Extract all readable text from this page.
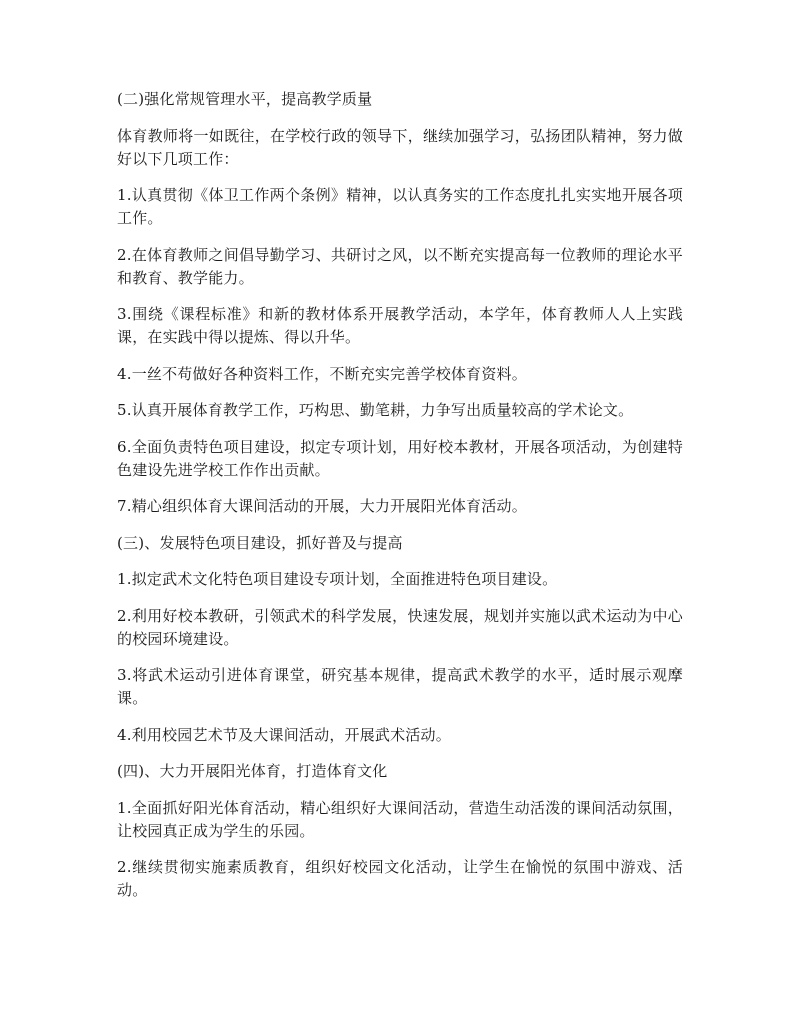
(二)强化常规管理水平，提高教学质量

体育教师将一如既往，在学校行政的领导下，继续加强学习，弘扬团队精神，努力做好以下几项工作：

1.认真贯彻《体卫工作两个条例》精神，以认真务实的工作态度扎扎实实地开展各项工作。

2.在体育教师之间倡导勤学习、共研讨之风，以不断充实提高每一位教师的理论水平和教育、教学能力。

3.围绕《课程标准》和新的教材体系开展教学活动，本学年，体育教师人人上实践课，在实践中得以提炼、得以升华。

4.一丝不苟做好各种资料工作，不断充实完善学校体育资料。

5.认真开展体育教学工作，巧构思、勤笔耕，力争写出质量较高的学术论文。

6.全面负责特色项目建设，拟定专项计划，用好校本教材，开展各项活动，为创建特色建设先进学校工作作出贡献。

7.精心组织体育大课间活动的开展，大力开展阳光体育活动。

(三)、发展特色项目建设，抓好普及与提高

1.拟定武术文化特色项目建设专项计划，全面推进特色项目建设。

2.利用好校本教研，引领武术的科学发展，快速发展，规划并实施以武术运动为中心的校园环境建设。

3.将武术运动引进体育课堂，研究基本规律，提高武术教学的水平，适时展示观摩课。

4.利用校园艺术节及大课间活动，开展武术活动。

(四)、大力开展阳光体育，打造体育文化

1.全面抓好阳光体育活动，精心组织好大课间活动，营造生动活泼的课间活动氛围，让校园真正成为学生的乐园。

2.继续贯彻实施素质教育，组织好校园文化活动，让学生在愉悦的氛围中游戏、活动。
